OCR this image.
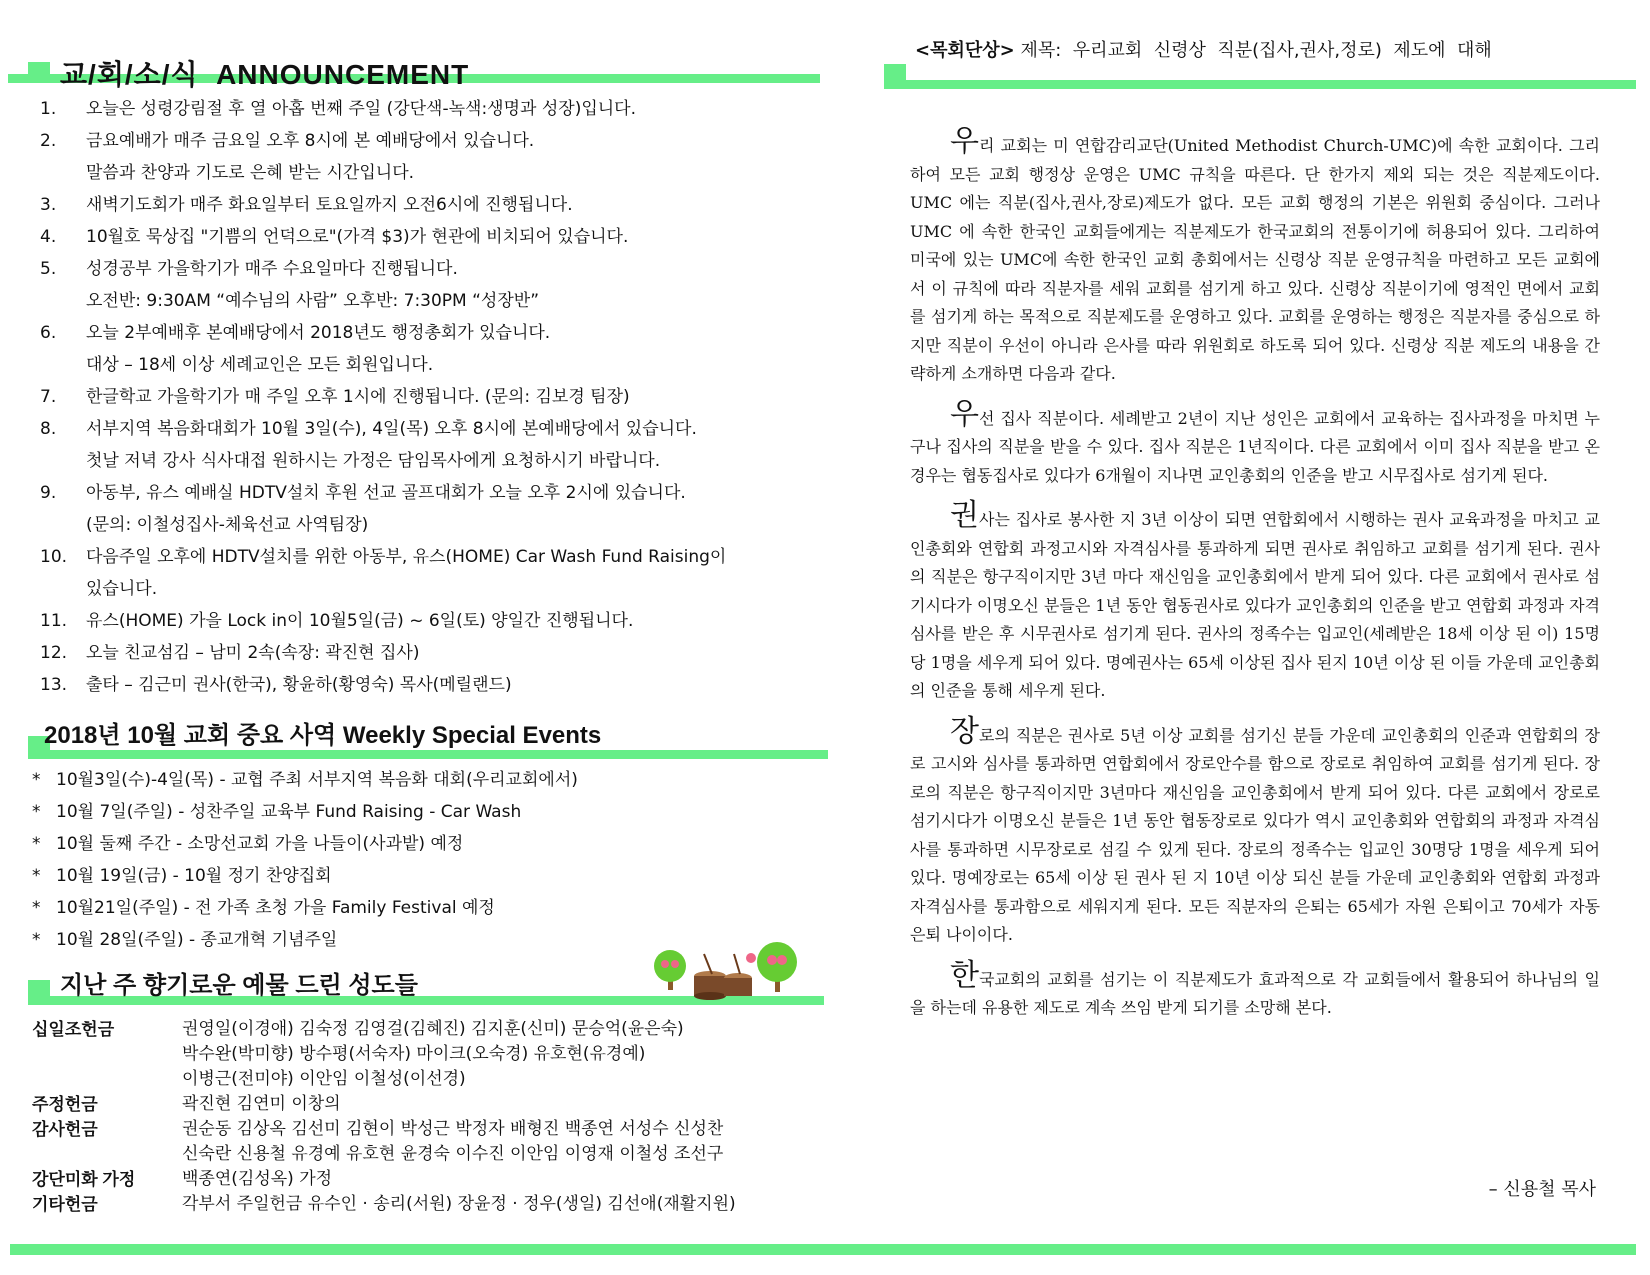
교/회/소/식  ANNOUNCEMENT
2018년 10월 교회 중요 사역 Weekly Special Events
지난 주 향기로운 예물 드린 성도들
1.	오늘은 성령강림절 후 열 아홉 번째 주일 (강단색-녹색:생명과 성장)입니다.
2.	금요예배가 매주 금요일 오후 8시에 본 예배당에서 있습니다.
말씀과 찬양과 기도로 은혜 받는 시간입니다.
3.	새벽기도회가 매주 화요일부터 토요일까지 오전6시에 진행됩니다.
4.	10월호 묵상집 "기쁨의 언덕으로"(가격 $3)가 현관에 비치되어 있습니다.
5.	성경공부 가을학기가 매주 수요일마다 진행됩니다.
오전반: 9:30AM “예수님의 사람” 오후반: 7:30PM “성장반”
6.	오늘 2부예배후 본예배당에서 2018년도 행정총회가 있습니다.
대상 – 18세 이상 세례교인은 모든 회원입니다.
7.	한글학교 가을학기가 매 주일 오후 1시에 진행됩니다. (문의: 김보경 팀장)
8.	서부지역 복음화대회가 10월 3일(수), 4일(목) 오후 8시에 본예배당에서 있습니다.
첫날 저녁 강사 식사대접 원하시는 가정은 담임목사에게 요청하시기 바랍니다.
9.	아동부, 유스 예배실 HDTV설치 후원 선교 골프대회가 오늘 오후 2시에 있습니다.
(문의: 이철성집사-체육선교 사역팀장)
10.	다음주일 오후에 HDTV설치를 위한 아동부, 유스(HOME) Car Wash Fund Raising이
있습니다.
11.	유스(HOME) 가을 Lock in이 10월5일(금) ~ 6일(토) 양일간 진행됩니다.
12.	오늘 친교섬김 – 남미 2속(속장: 곽진현 집사)
13.	출타 – 김근미 권사(한국), 황윤하(황영숙) 목사(메릴랜드)
* 10월3일(수)-4일(목) - 교협 주최 서부지역 복음화 대회(우리교회에서)
* 10월 7일(주일) - 성찬주일 교육부 Fund Raising - Car Wash
* 10월 둘째 주간 - 소망선교회 가을 나들이(사과밭) 예정
* 10월 19일(금) - 10월 정기 찬양집회
* 10월21일(주일) - 전 가족 초청 가을 Family Festival 예정
* 10월 28일(주일) - 종교개혁 기념주일
십일조헌금	권영일(이경애) 김숙정 김영걸(김혜진) 김지훈(신미) 문승억(윤은숙)
박수완(박미향) 방수평(서숙자) 마이크(오숙경) 유호현(유경예)
이병근(전미야) 이안임 이철성(이선경)
주정헌금	곽진현 김연미 이창의
감사헌금	권순동 김상옥 김선미 김현이 박성근 박정자 배형진 백종연 서성수 신성찬
신숙란 신용철 유경예 유호현 윤경숙 이수진 이안임 이영재 이철성 조선구
강단미화 가정	백종연(김성옥) 가정
기타헌금	각부서 주일헌금 유수인 · 송리(서원) 장윤정 · 정우(생일) 김선애(재활지원)
<목회단상> 제목:  우리교회  신령상  직분(집사,권사,정로)  제도에  대해

우리 교회는 미 연합감리교단(United Methodist Church-UMC)에 속한 교회이다. 그리하여 모든 교회 행정상 운영은 UMC 규칙을 따른다. 단 한가지 제외 되는 것은 직분제도이다. UMC 에는 직분(집사,권사,장로)제도가 없다. 모든 교회 행정의 기본은 위원회 중심이다. 그러나 UMC 에 속한 한국인 교회들에게는 직분제도가 한국교회의 전통이기에 허용되어 있다. 그리하여 미국에 있는 UMC에 속한 한국인 교회 총회에서는 신령상 직분 운영규칙을 마련하고 모든 교회에서 이 규칙에 따라 직분자를 세워 교회를 섬기게 하고 있다. 신령상 직분이기에 영적인 면에서 교회를 섬기게 하는 목적으로 직분제도를 운영하고 있다. 교회를 운영하는 행정은 직분자를 중심으로 하지만 직분이 우선이 아니라 은사를 따라 위원회로 하도록 되어 있다. 신령상 직분 제도의 내용을 간략하게 소개하면 다음과 같다.

우선 집사 직분이다. 세례받고 2년이 지난 성인은 교회에서 교육하는 집사과정을 마치면 누구나 집사의 직분을 받을 수 있다. 집사 직분은 1년직이다. 다른 교회에서 이미 집사 직분을 받고 온 경우는 협동집사로 있다가 6개월이 지나면 교인총회의 인준을 받고 시무집사로 섬기게 된다.

권사는 집사로 봉사한 지 3년 이상이 되면 연합회에서 시행하는 권사 교육과정을 마치고 교인총회와 연합회 과정고시와 자격심사를 통과하게 되면 권사로 취임하고 교회를 섬기게 된다. 권사의 직분은 항구직이지만 3년 마다 재신임을 교인총회에서 받게 되어 있다. 다른 교회에서 권사로 섬기시다가 이명오신 분들은 1년 동안 협동권사로 있다가 교인총회의 인준을 받고 연합회 과정과 자격심사를 받은 후 시무권사로 섬기게 된다. 권사의 정족수는 입교인(세례받은 18세 이상 된 이) 15명당 1명을 세우게 되어 있다. 명예권사는 65세 이상된 집사 된지 10년 이상 된 이들 가운데 교인총회의 인준을 통해 세우게 된다.

장로의 직분은 권사로 5년 이상 교회를 섬기신 분들 가운데 교인총회의 인준과 연합회의 장로 고시와 심사를 통과하면 연합회에서 장로안수를 함으로 장로로 취임하여 교회를 섬기게 된다. 장로의 직분은 항구직이지만 3년마다 재신임을 교인총회에서 받게 되어 있다. 다른 교회에서 장로로 섬기시다가 이명오신 분들은 1년 동안 협동장로로 있다가 역시 교인총회와 연합회의 과정과 자격심사를 통과하면 시무장로로 섬길 수 있게 된다. 장로의 정족수는 입교인 30명당 1명을 세우게 되어 있다. 명예장로는 65세 이상 된 권사 된 지 10년 이상 되신 분들 가운데 교인총회와 연합회 과정과 자격심사를 통과함으로 세워지게 된다. 모든 직분자의 은퇴는 65세가 자원 은퇴이고 70세가 자동 은퇴 나이이다.

한국교회의 교회를 섬기는 이 직분제도가 효과적으로 각 교회들에서 활용되어 하나님의 일을 하는데 유용한 제도로 계속 쓰임 받게 되기를 소망해 본다.

– 신용철 목사
